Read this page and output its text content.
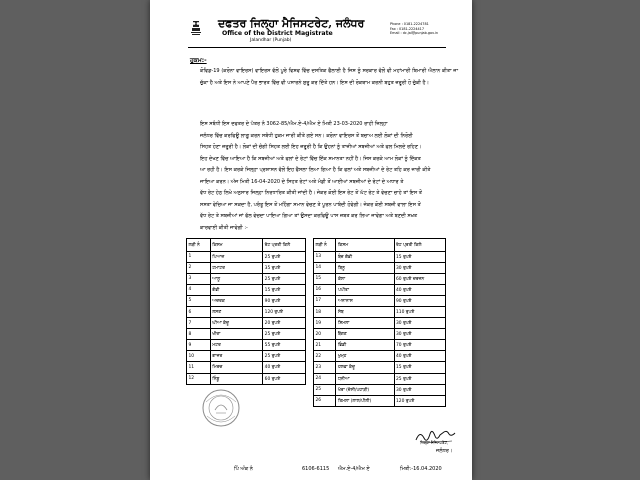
ਦਫਤਰ ਜਿਲ੍ਹਾ ਮੈਜਿਸਟਰੇਟ, ਜਲੰਧਰ
Office of the District Magistrate
Jalandhar (Punjab)
Phone : 0181-2224781
Fax : 0181-2224417
Email : dc.jal@punjab.gov.in
ਹੁਕਮ:-
ਕੋਵਿਡ-19 (ਕਰੋਨਾ ਵਾਇਰਸ) ਵਾਇਰਸ ਵੱਲੋਂ ਪੂਰੇ ਵਿਸ਼ਵ ਵਿੱਚ ਦਸਤਿਕ ਫੈਲਾਈ ਹੈ ਜਿਸ ਨੂੰ ਸਰਕਾਰ ਵੱਲੋਂ ਵੀ ਮਹਾਂਮਾਰੀ ਬਿਮਾਰੀ ਐਲਾਨ ਕੀਤਾ ਜਾ ਚੁੱਕਾ ਹੈ ਅਤੇ ਇਸ ਨੇ ਆਪਣੇ ਪੈਰ ਭਾਰਤ ਵਿੱਚ ਵੀ ਪਸਾਰਨੇ ਸ਼ੁਰੂ ਕਰ ਦਿੱਤੇ ਹਨ। ਇਸ ਦੀ ਰੋਕਥਾਮ ਕਰਨੀ ਬਹੁਤ ਜ਼ਰੂਰੀ ਹੋ ਚੁੱਕੀ ਹੈ।
ਇਸ ਸਬੰਧੀ ਇਸ ਦਫਤਰ ਦੇ ਪੱਤਰ ਨੰ 3062-85/ਐਮ.ਏ-4/ਐਮ ਏ ਮਿਤੀ 23-03-2020 ਰਾਹੀ ਜਿਲ੍ਹਾ
ਜਲੰਧਰ ਵਿੱਚ ਕਰਫਿਊ ਲਾਗੂ ਕਰਨ ਸਬੰਧੀ ਹੁਕਮ ਜਾਰੀ ਕੀਤੇ ਗਏ ਸਨ। ਕਰੋਨਾ ਵਾਇਰਸ ਤੋਂ ਬਚਾਅ ਲਈ ਲੋਕਾਂ ਦੀ ਨਿਰੋਈ
ਸਿਹਤ ਹੋਣਾ ਜ਼ਰੂਰੀ ਹੈ। ਲੋਕਾਂ ਦੀ ਚੰਗੀ ਸਿਹਤ ਲਈ ਇਹ ਜ਼ਰੂਰੀ ਹੈ ਕਿ ਉਹਨਾਂ ਨੂੰ ਤਾਜ਼ੀਆਂ ਸਬਜ਼ੀਆਂ ਅਤੇ ਫਲ ਮਿਲਦੇ ਰਹਿਣ।
ਇਹ ਦੇਖਣ ਵਿੱਚ ਆਇਆ ਹੈ ਕਿ ਸਬਜ਼ੀਆਂ ਅਤੇ ਫਲਾਂ ਦੇ ਰੇਟਾਂ ਵਿੱਚ ਇੱਕ ਸਮਾਨਤਾ ਨਹੀਂ ਹੈ। ਜਿਸ ਕਰਕੇ ਆਮ ਲੋਕਾਂ ਨੂੰ ਦਿੱਕਤ
ਆ ਰਹੀ ਹੈ। ਇਸ ਕਰਕੇ ਜਿਲ੍ਹਾ ਪ੍ਰਸ਼ਾਸਨ ਵੱਲੋਂ ਇਹ ਫੈਸਲਾ ਲਿਆ ਗਿਆ ਹੈ ਕਿ ਫਲਾਂ ਅਤੇ ਸਬਜ਼ੀਆਂ ਦੇ ਰੇਟ ਤਹਿ ਕਰ ਜਾਰੀ ਕੀਤੇ
ਜਾਇਆ ਕਰਨ। ਅੱਜ ਮਿਤੀ 16-04-2020 ਦੇ ਸਿਹਤ ਰੇਟਾਂ ਅਤੇ ਮੰਡੀ ਤੋਂ ਆਈਆਂ ਸਬਜ਼ੀਆਂ ਦੇ ਰੇਟਾਂ ਦੇ ਅਧਾਰ ਤੇ
ਵੱਧ ਰੇਟ ਹੇਠ ਲਿਖੇ ਅਨੁਸਾਰ ਜਿਲ੍ਹਾ ਨਿਰਧਾਰਿਤ ਕੀਤੀ ਜਾਂਦੀ ਹੈ। ਜੇਕਰ ਕੋਈ ਇਸ ਰੇਟ ਤੋਂ ਘੱਟ ਰੇਟ ਤੇ ਵੇਚਣਾ ਚਾਹੇ ਤਾਂ ਇਸ ਤੋਂ
ਸਸਤਾ ਵੇਚਿਆ ਜਾ ਸਕਦਾ ਹੈ, ਪਰੰਤੂ ਇਸ ਤੋਂ ਮਹਿੰਗਾ ਸਮਾਨ ਵੇਚਣ ਤੇ ਪੂਰਨ ਪਾਬੰਦੀ ਹੋਵੇਗੀ। ਜੇਕਰ ਕੋਈ ਸਬਜ਼ੀ ਵਾਲਾ ਇਸ ਤੋਂ
ਵੱਧ ਰੇਟ ਤੇ ਸਬਜ਼ੀਆਂ ਜਾਂ ਫੱਲ ਵੇਚਦਾ ਪਾਇਆ ਗਿਆ ਤਾਂ ਉਸਦਾ ਕਰਫਿਊ ਪਾਸ ਜ਼ਬਤ ਕਰ ਲਿਆ ਜਾਵੇਗਾ ਅਤੇ ਬਣਦੀ ਸਖ਼ਤ
ਕਾਰਵਾਈ ਕੀਤੀ ਜਾਵੇਗੀ :-
ਲੜੀ ਨੰ	ਕਿਸਮ	ਰੇਟ ਪ੍ਰਤੀ ਕਿਲੋ
1	ਪਿਆਜ਼	25 ਰੁਪਏ
2	ਟਮਾਟਰ	35 ਰੁਪਏ
3	ਆਲੂ	25 ਰੁਪਏ
4	ਗੋਭੀ	15 ਰੁਪਏ
5	ਅਦਰਕ	90 ਰੁਪਏ
6	ਲਸਣ	120 ਰੁਪਏ
7	ਘੀਆ ਕੱਦੂ	20 ਰੁਪਏ
8	ਖੀਰਾ	25 ਰੁਪਏ
9	ਮਟਰ	55 ਰੁਪਏ
10	ਗਾਜਰ	25 ਰੁਪਏ
11	ਮਿਰਚ	40 ਰੁਪਏ
12	ਨਿੰਬੂ	60 ਰੁਪਏ
ਲੜੀ ਨੰ	ਕਿਸਮ	ਰੇਟ ਪ੍ਰਤੀ ਕਿਲੋ
13	ਬੰਦ ਗੋਭੀ	15 ਰੁਪਏ
14	ਬਿਨੂ	30 ਰੁਪਏ
15	ਕੇਲਾ	60 ਰੁਪਏ ਦਰਜਨ
16	ਪਪੀਤਾ	40 ਰੁਪਏ
17	ਅਨਾਨਾਸ	90 ਰੁਪਏ
18	ਸੇਬ	110 ਰੁਪਏ
19	ਸ਼ਿਮਲਾ	30 ਰੁਪਏ
20	ਬੈਂਗਣ	30 ਰੁਪਏ
21	ਭਿੰਡੀ	70 ਰੁਪਏ
22	ਖੁਮ੍ਹ	40 ਰੁਪਏ
23	ਹਲਵਾ ਕੱਦੂ	15 ਰੁਪਏ
24	ਧਨੀਆ	25 ਰੁਪਏ
25	ਖੇਰਾ (ਦੇਸੀ/ਪਹਾੜੀ)	30 ਰੁਪਏ
26	ਤਿਮਲਾ (ਲਾਲ/ਪੀਲੀ)	120 ਰੁਪਏ
ਜਿਲ੍ਹਾ ਮੈਜਿਸਟਰੇਟ,
ਜਲੰਧਰ।
ਪਿੰ ਅੰਕ ਨੰ	6106-6115 ਐਮ.ਏ-4/ਐਮ ਏ	ਮਿਤੀ:-16.04.2020
